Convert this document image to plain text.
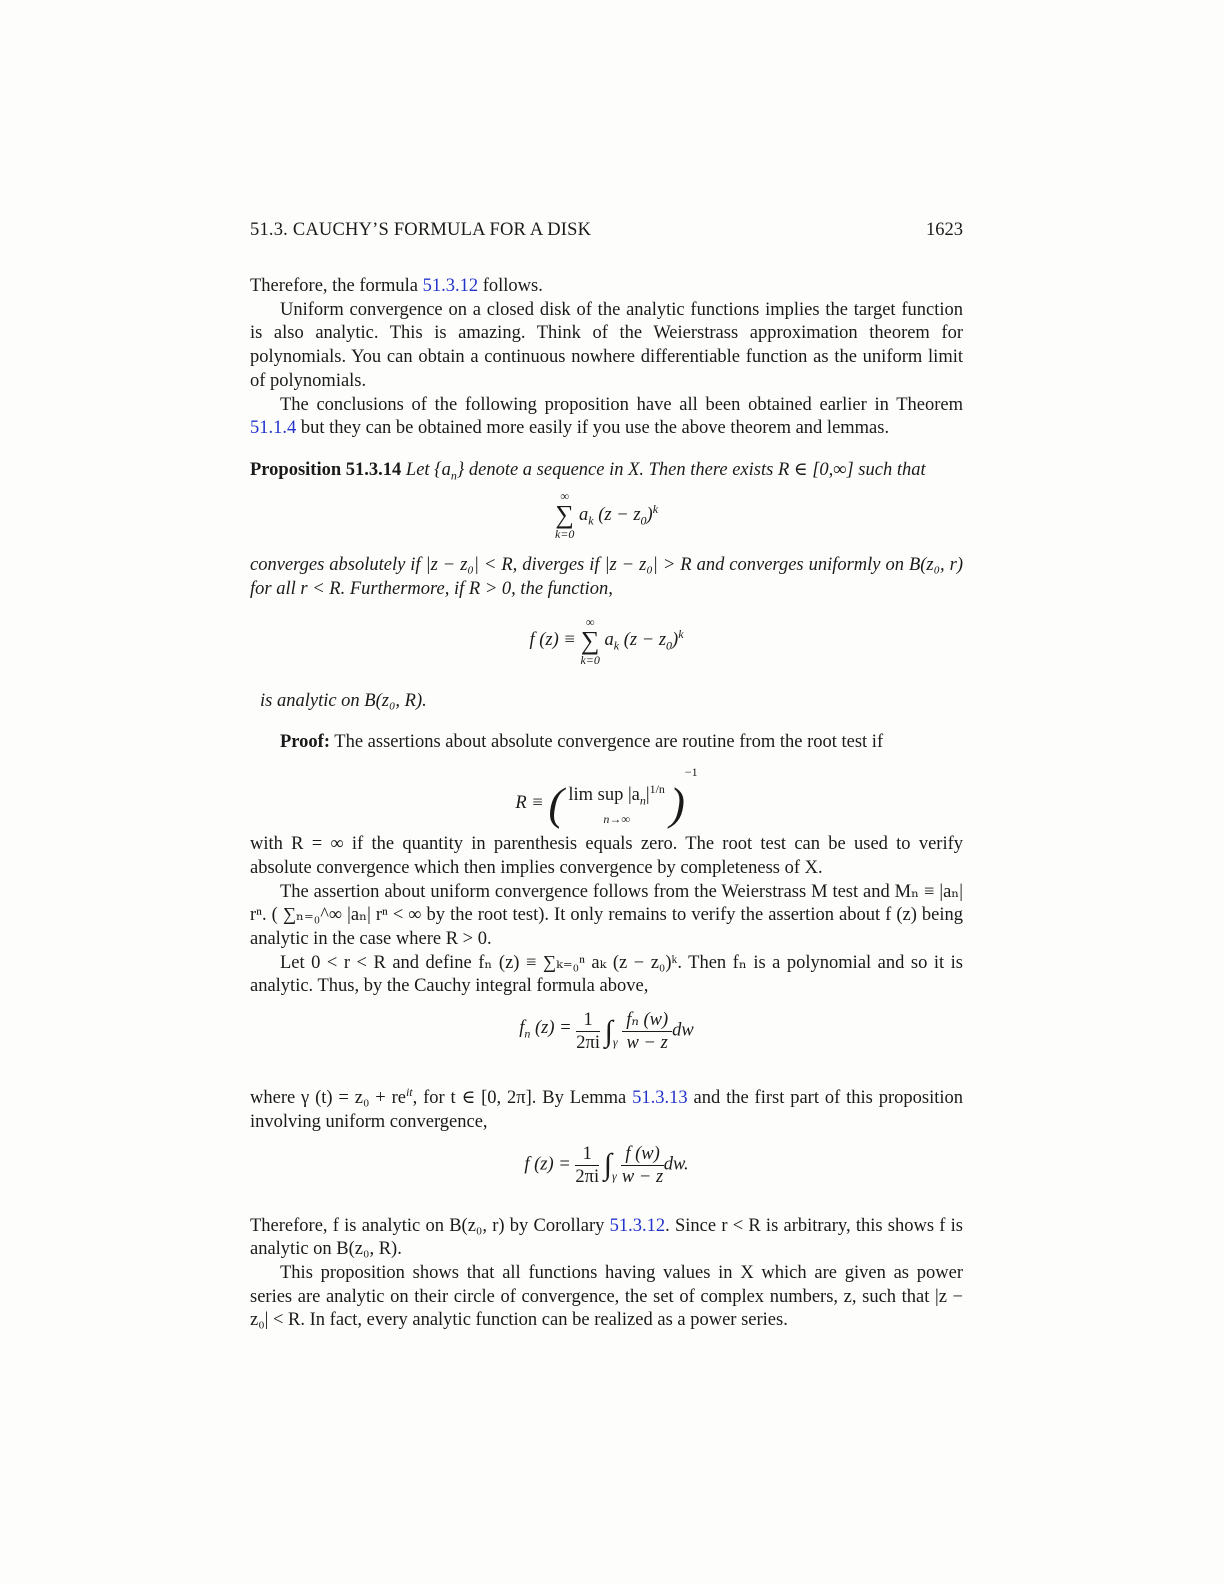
51.3. CAUCHY’S FORMULA FOR A DISK	1623

Therefore, the formula 51.3.12 follows.

Uniform convergence on a closed disk of the analytic functions implies the target function is also analytic. This is amazing. Think of the Weierstrass approximation theorem for polynomials. You can obtain a continuous nowhere differentiable function as the uniform limit of polynomials.

The conclusions of the following proposition have all been obtained earlier in Theorem 51.1.4 but they can be obtained more easily if you use the above theorem and lemmas.

Proposition 51.3.14 Let $\{a_n\}$ denote a sequence in X. Then there exists R ∈ [0,∞] such that

∞
∑
k=0
$a_k$ $(z - z_0)^k$

converges absolutely if |z − z₀| < R, diverges if |z − z₀| > R and converges uniformly on B(z₀, r) for all r < R. Furthermore, if R > 0, the function,

f (z) ≡
∞
∑
k=0
$a_k$ $(z - z_0)^k$

is analytic on B(z₀, R).

Proof: The assertions about absolute convergence are routine from the root test if

R ≡ ( lim sup $|a_n|^{1/n}$
n→∞ )$^{-1}$

with R = ∞ if the quantity in parenthesis equals zero. The root test can be used to verify absolute convergence which then implies convergence by completeness of X.

The assertion about uniform convergence follows from the Weierstrass M test and Mₙ ≡ |aₙ| rⁿ. ( ∑ₙ₌₀^∞ |aₙ| rⁿ < ∞ by the root test). It only remains to verify the assertion about f (z) being analytic in the case where R > 0.

Let 0 < r < R and define fₙ (z) ≡ ∑ₖ₌₀ⁿ aₖ (z − z₀)ᵏ. Then fₙ is a polynomial and so it is analytic. Thus, by the Cauchy integral formula above,

$f_n$ $(z) = \frac{1}{2\pi i} \int_\gamma \frac{\text{fₙ (w)}}{w - z}$ dw

where γ $(t) = z_0 + re^{it}$, for t ∈ [0, 2π]. By Lemma 51.3.13 and the first part of this proposition involving uniform convergence,

f $(z) = \frac{1}{2\pi i} \int_\gamma \frac{f (w)}{w - z}$ dw.

Therefore, f is analytic on B(z₀, r) by Corollary 51.3.12. Since r < R is arbitrary, this shows f is analytic on B(z₀, R).

This proposition shows that all functions having values in X which are given as power series are analytic on their circle of convergence, the set of complex numbers, z, such that |z − z₀| < R. In fact, every analytic function can be realized as a power series.
